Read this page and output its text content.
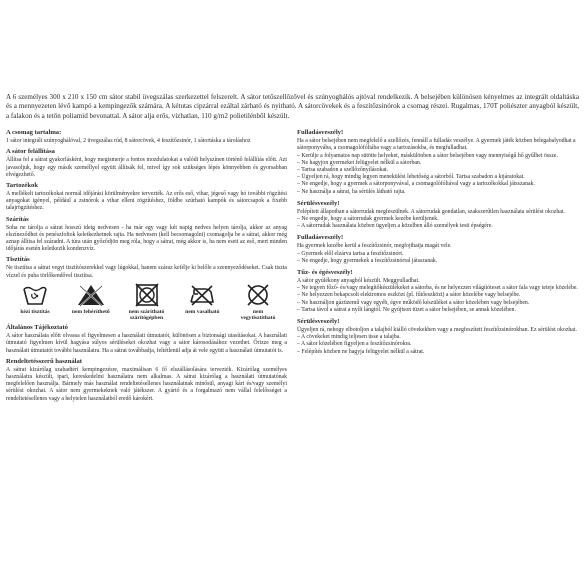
A 6 személyes 300 x 210 x 150 cm sátor stabil üvegszálas szerkezettel felszerelt. A sátor tetőszellőzővel és szúnyoghálós ajtóval rendelkezik. A belsejében különösen kényelmes az integrált oldaltáska és a mennyezeten lévő kampó a kempingezők számára. A kétutas cipzárral ezáltal zárható és nyitható. A sátorcövekek és a feszítőzsinórok a csomag részei. Rugalmas, 170T poliészter anyagból készült, a falakon és a tetőn poliamid bevonattal. A sátor alja erős, vízhatlan, 110 g/m2 polietilénből készült.

A csomag tartalma:

1 sátor integrált szúnyoghálóval, 2 üvegszálas rúd, 8 sátorcövek, 4 feszítőzsinór, 1 sátortáska a tároláshoz

A sátor felállítása

Állítsa fel a sátrat gyakorlásként, hogy megismerje a fontos mozdulatokat a valódi helyszínen történő felállítás előtt. Azt javasoljuk, hogy egy másik személlyel együtt állítsák fel, mivel így sok szükséges lépés könnyebben és gyorsabban elvégezhető.

Tartozékok

A mellékelt tartozékokat normál időjárási körülményekre tervezték. Az erős eső, vihar, jégeső vagy hó további rögzítési anyagokat igényel, például a zsinórok a vihar elleni rögzítéshez, földbe szúrható kampók és sátorcsapok a fixebb talajrögzítéshez.

Szárítás

Soha ne tárolja a sátrat hosszú ideig nedvesen - ha már egy vagy két napig nedves helyen tárolja, akkor az anyag elszíneződhet és penészfoltok keletkezhetnek rajta. Ha nedvesen (kell becsomagolni) csomagolja be a sátrat, akkor még aznap állítsa fel száradni. A túra után győződjön meg róla, hogy a sátrat, még akkor is, ha nem esett az eső, mert minden időjárás esetén keletkezik kondenzvíz.

Tisztítás

Ne tisztítsa a sátrat vegyi tisztítószerekkel vagy lúgokkal, hanem száraz kefélje ki belőle a szennyeződéseket. Csak tiszta vízzel és puha törlőkendővel tisztítsa.

kézi tisztítás	nem fehéríthető	nem szárítható szárítógépben
nem vasalható	nem vegytisztítható
Általános Tájékoztató

A sátor használata előtt olvassa el figyelmesen a használati útmutatót, különösen a biztonsági utasításokat. A használati útmutató figyelmen kívül hagyása súlyos sérüléseket okozhat vagy a sátor károsodásához vezethet. Őrizze meg a használati útmutatót további használatra. Ha a sátrat továbbadja, feltétlenül adja át vele együtt a használati útmutatót is.

Rendeltetésszerű használat

A sátrat kizárólag szabadtéri kempingezésre, maximálisan 6 fő elszállásolására tervezték. Kizárólag személyes használatra készült, ipari, kereskedelmi használatra nem alkalmas. A sátrat kizárólag a használati útmutatónak megfelelően használja. Bármely más használat rendeltetésellenes használatnak minősül, anyagi kárt és/vagy személyi sérülést okozhat. A sátor nem gyermekeknek való játékszer. A gyártó és a forgalmazó nem vállal felelősséget a rendeltetésellenes vagy a helytelen használatból eredő károkért.

Fulladásveszély!

Ha a sátor belsejében nem megfelelő a szellőzés, fennáll a fulladás veszélye. A gyermek játék közben belegabalyodhat a sátorponyvába, a csomagolófóliába vagy a tartozásokba, és megfulladhat.

– Kerülje a folyamatos nap sütötte helyeket, máskülönben a sátor belsejében vagy mennyiségű hő gyűlhet össze.

– Ne hagyjon gyermeket felügyelet nélkül a sátorban.

– Tartsa szabadon a szellőzőnyílásokat.

– Ügyeljen rá, hogy mindig legyen menekülési lehetőség a sátorból. Tartsa szabadon a kijáratokat.

– Ne engedje, hogy a gyermek a sátorponyvával, a csomagolófóliával vagy a tartozékokkal játsszanak.

– Ne használja a sátrat, ha sérülés látható rajta.

Sérülésveszély!

Felépített állapotban a sátorrudak megfeszülnek. A sátorrudak gondatlan, szakszerűtlen használata sérülést okozhat.

– Ne engedje, hogy a sátorrudak gyermek kezébe kerüljenek.

– A sátorrudak használata közben ügyeljen a közelben álló személyek testi épségére.

Fulladásveszély!

Ha gyermek kezébe kerül a feszítőzsinór, megfojthatja magát vele.

– Gyermek elől elzárva tartsa a feszítőzsinórt.

– Ne engedje, hogy gyermekek a feszítőzsinórral játsszanak.

Tűz- és égésveszély!

A sátor gyúlékony anyagból készült. Meggyulladhat.

– Ne tegyen főző- és/vagy melegítőkészülékeket a sátorba, és ne helyezzen világítóteset a sátor fala vagy teteje közelébe.

– Ne helyezzen bekapcsolt elektromos eszközt (pl. fűtőeszközt) a sátor közelébe vagy belsejébe.

– Ne használjon gázüzemű vagy egyéb, égve működő készüléket a sátor közelében vagy belsejében.

– Tartsa távol a sátrat a nyílt lángtól. Ne gyújtson tüzet a sátor belsejében, se annak közelében.

Sérülésveszély!

Ügyeljen rá, nehogy elbotoljon a talajból kiálló cövekekben vagy a megfeszített feszítőzsinórokban. Ez sérülést okozhat.

– A cövekeket mindig teljesen üsse a talajba.

– A sátor közelében figyeljen a feszítőzsinórokra.

– Felépítés közben ne hagyja felügyelet nélkül a sátrat.
